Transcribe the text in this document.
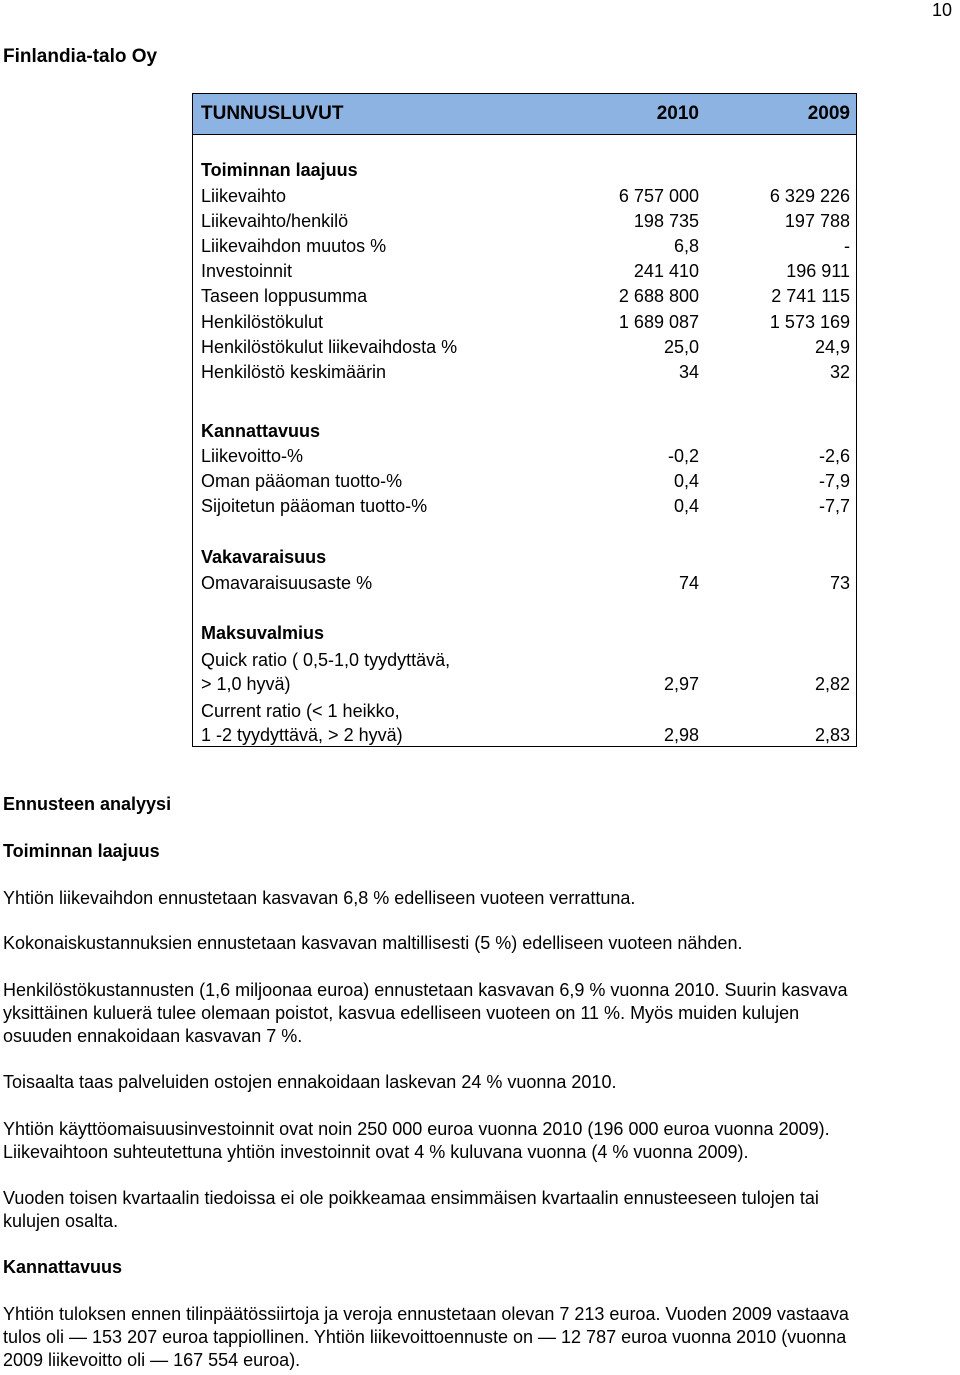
10
Finlandia-talo Oy
TUNNUSLUVUT	2010	2009
Toiminnan laajuus
Liikevaihto	6 757 000	6 329 226
Liikevaihto/henkilö	198 735	197 788
Liikevaihdon muutos %	6,8	-
Investoinnit	241 410	196 911
Taseen loppusumma	2 688 800	2 741 115
Henkilöstökulut	1 689 087	1 573 169
Henkilöstökulut liikevaihdosta %	25,0	24,9
Henkilöstö keskimäärin	34	32
Kannattavuus
Liikevoitto-%	-0,2	-2,6
Oman pääoman tuotto-%	0,4	-7,9
Sijoitetun pääoman tuotto-%	0,4	-7,7
Vakavaraisuus
Omavaraisuusaste %	74	73
Maksuvalmius
Quick ratio ( 0,5-1,0 tyydyttävä,
> 1,0 hyvä)	2,97	2,82
Current ratio (< 1 heikko,
1 -2 tyydyttävä, > 2 hyvä)	2,98	2,83
Ennusteen analyysi
Toiminnan laajuus
Yhtiön liikevaihdon ennustetaan kasvavan 6,8 % edelliseen vuoteen verrattuna.
Kokonaiskustannuksien ennustetaan kasvavan maltillisesti (5 %) edelliseen vuoteen nähden.
Henkilöstökustannusten (1,6 miljoonaa euroa) ennustetaan kasvavan 6,9 % vuonna 2010. Suurin kasvava
yksittäinen kuluerä tulee olemaan poistot, kasvua edelliseen vuoteen on 11 %. Myös muiden kulujen
osuuden ennakoidaan kasvavan 7 %.
Toisaalta taas palveluiden ostojen ennakoidaan laskevan 24 % vuonna 2010.
Yhtiön käyttöomaisuusinvestoinnit ovat noin 250 000 euroa vuonna 2010 (196 000 euroa vuonna 2009).
Liikevaihtoon suhteutettuna yhtiön investoinnit ovat 4 % kuluvana vuonna (4 % vuonna 2009).
Vuoden toisen kvartaalin tiedoissa ei ole poikkeamaa ensimmäisen kvartaalin ennusteeseen tulojen tai
kulujen osalta.
Kannattavuus
Yhtiön tuloksen ennen tilinpäätössiirtoja ja veroja ennustetaan olevan 7 213 euroa. Vuoden 2009 vastaava
tulos oli — 153 207 euroa tappiollinen. Yhtiön liikevoittoennuste on — 12 787 euroa vuonna 2010 (vuonna
2009 liikevoitto oli — 167 554 euroa).
